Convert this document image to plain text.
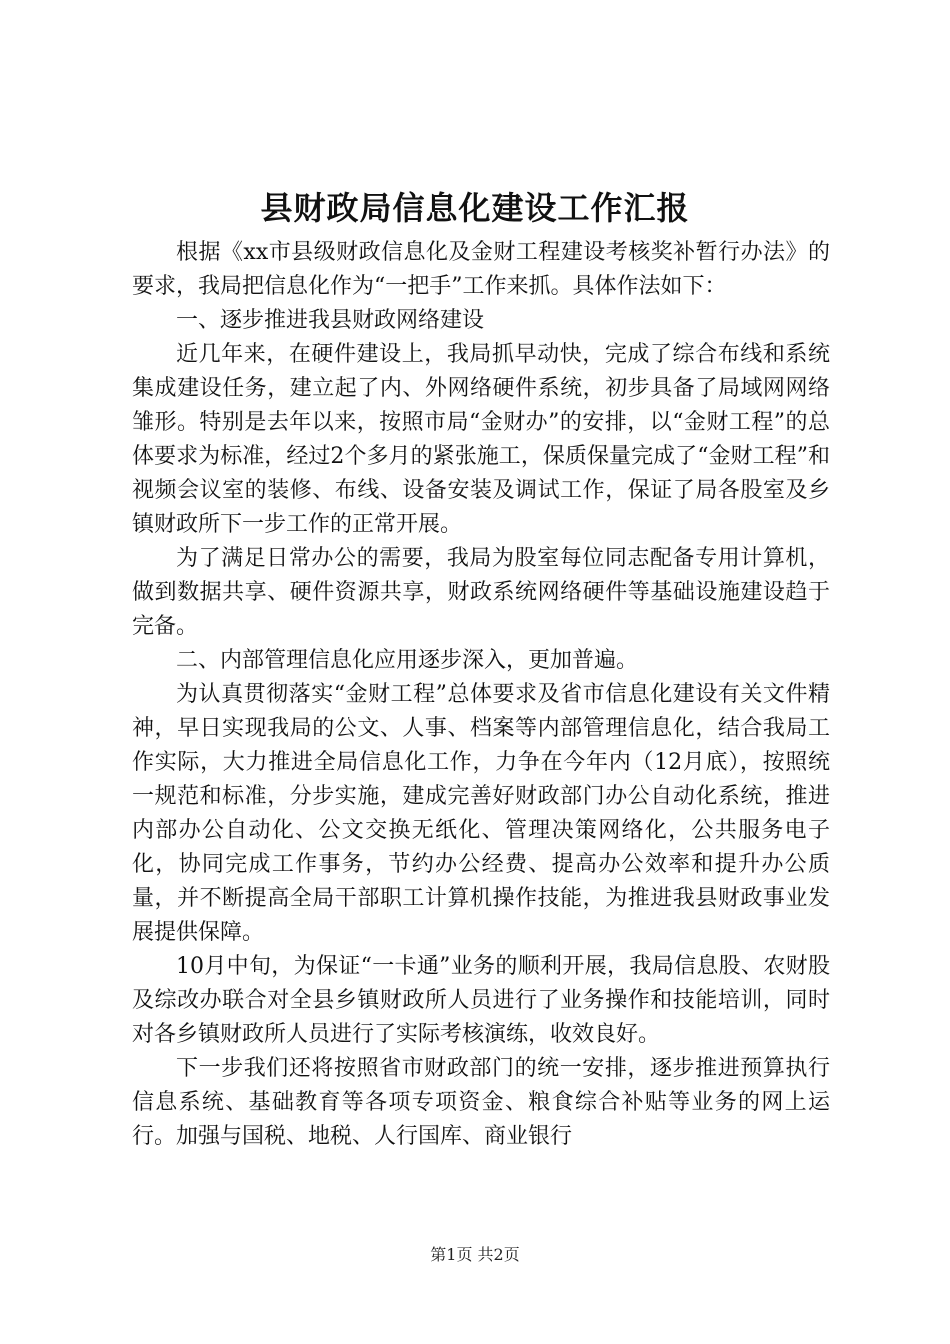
县财政局信息化建设工作汇报

根据《xx市县级财政信息化及金财工程建设考核奖补暂行办法》的要求，我局把信息化作为“一把手”工作来抓。具体作法如下：

一、逐步推进我县财政网络建设

近几年来，在硬件建设上，我局抓早动快，完成了综合布线和系统集成建设任务，建立起了内、外网络硬件系统，初步具备了局域网网络雏形。特别是去年以来，按照市局“金财办”的安排，以“金财工程”的总体要求为标准，经过2个多月的紧张施工，保质保量完成了“金财工程”和视频会议室的装修、布线、设备安装及调试工作，保证了局各股室及乡镇财政所下一步工作的正常开展。

为了满足日常办公的需要，我局为股室每位同志配备专用计算机，做到数据共享、硬件资源共享，财政系统网络硬件等基础设施建设趋于完备。

二、内部管理信息化应用逐步深入，更加普遍。

为认真贯彻落实“金财工程”总体要求及省市信息化建设有关文件精神，早日实现我局的公文、人事、档案等内部管理信息化，结合我局工作实际，大力推进全局信息化工作，力争在今年内（12月底），按照统一规范和标准，分步实施，建成完善好财政部门办公自动化系统，推进内部办公自动化、公文交换无纸化、管理决策网络化，公共服务电子化，协同完成工作事务，节约办公经费、提高办公效率和提升办公质量，并不断提高全局干部职工计算机操作技能，为推进我县财政事业发展提供保障。

10月中旬，为保证“一卡通”业务的顺利开展，我局信息股、农财股及综改办联合对全县乡镇财政所人员进行了业务操作和技能培训，同时对各乡镇财政所人员进行了实际考核演练，收效良好。

下一步我们还将按照省市财政部门的统一安排，逐步推进预算执行信息系统、基础教育等各项专项资金、粮食综合补贴等业务的网上运行。加强与国税、地税、人行国库、商业银行

第1页 共2页
